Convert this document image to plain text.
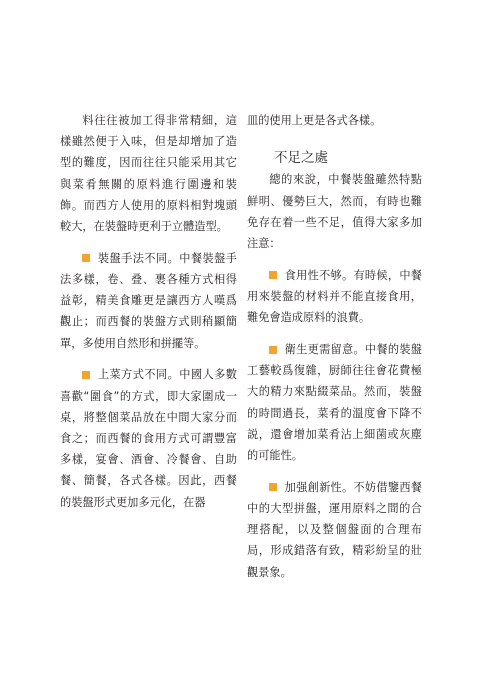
料往往被加工得非常精細，這樣雖然便于入味，但是却增加了造型的難度，因而往往只能采用其它與菜肴無關的原料進行圍邊和裝飾。而西方人使用的原料相對塊頭較大，在裝盤時更利于立體造型。

裝盤手法不同。中餐裝盤手法多樣，卷、叠、裹各種方式相得益彰，精美食雕更是讓西方人嘆爲觀止；而西餐的裝盤方式則稍顯簡單，多使用自然形和拼擺等。

上菜方式不同。中國人多數喜歡“圍食”的方式，即大家圍成一桌，將整個菜品放在中間大家分而食之；而西餐的食用方式可謂豐富多樣，宴會、酒會、冷餐會、自助餐、簡餐，各式各樣。因此，西餐的裝盤形式更加多元化，在器

皿的使用上更是各式各樣。

不足之處

總的來說，中餐裝盤雖然特點鮮明、優勢巨大，然而，有時也難免存在着一些不足，值得大家多加注意：

食用性不够。有時候，中餐用來裝盤的材料并不能直接食用，難免會造成原料的浪費。

衛生更需留意。中餐的裝盤工藝較爲復雜，厨師往往會花費極大的精力來點綴菜品。然而，裝盤的時間過長，菜肴的溫度會下降不説，還會增加菜肴沾上細菌或灰塵的可能性。

加强創新性。不妨借鑒西餐中的大型拼盤，運用原料之間的合理搭配，以及整個盤面的合理布局，形成錯落有致，精彩紛呈的壯觀景象。
